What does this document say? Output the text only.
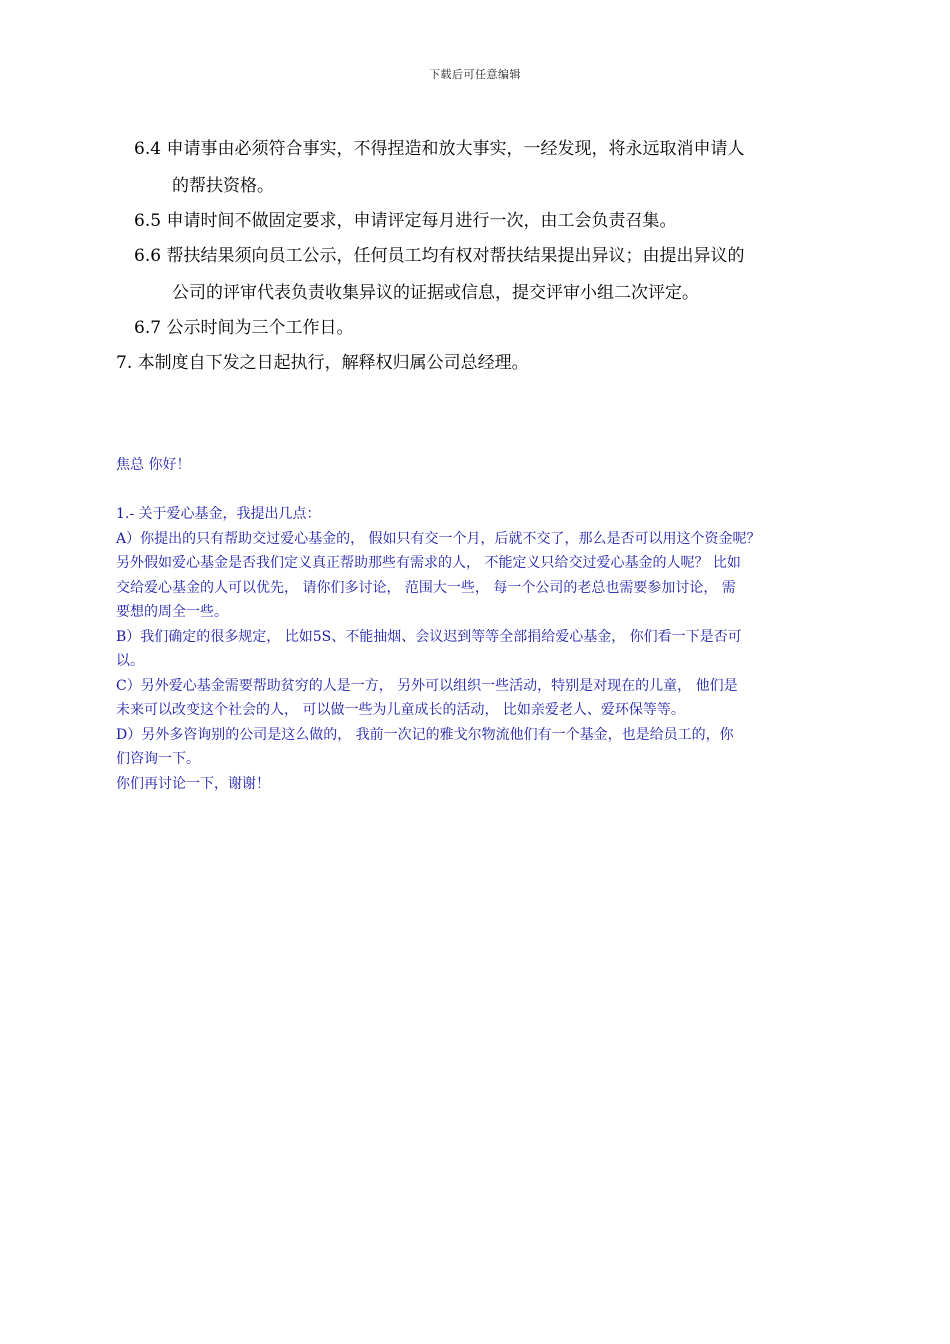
下载后可任意编辑
6.4 申请事由必须符合事实，不得捏造和放大事实，一经发现，将永远取消申请人
的帮扶资格。
6.5 申请时间不做固定要求，申请评定每月进行一次，由工会负责召集。
6.6 帮扶结果须向员工公示，任何员工均有权对帮扶结果提出异议；由提出异议的
公司的评审代表负责收集异议的证据或信息，提交评审小组二次评定。
6.7 公示时间为三个工作日。
7. 本制度自下发之日起执行，解释权归属公司总经理。
焦总 你好！
1.- 关于爱心基金，我提出几点：
A）你提出的只有帮助交过爱心基金的， 假如只有交一个月，后就不交了，那么是否可以用这个资金呢？
另外假如爱心基金是否我们定义真正帮助那些有需求的人， 不能定义只给交过爱心基金的人呢？ 比如
交给爱心基金的人可以优先， 请你们多讨论， 范围大一些， 每一个公司的老总也需要参加讨论， 需
要想的周全一些。
B）我们确定的很多规定， 比如5S、不能抽烟、会议迟到等等全部捐给爱心基金， 你们看一下是否可
以。
C）另外爱心基金需要帮助贫穷的人是一方， 另外可以组织一些活动，特别是对现在的儿童， 他们是
未来可以改变这个社会的人， 可以做一些为儿童成长的活动， 比如亲爱老人、爱环保等等。
D）另外多咨询别的公司是这么做的， 我前一次记的雅戈尔物流他们有一个基金，也是给员工的，你
们咨询一下。
你们再讨论一下，谢谢！
